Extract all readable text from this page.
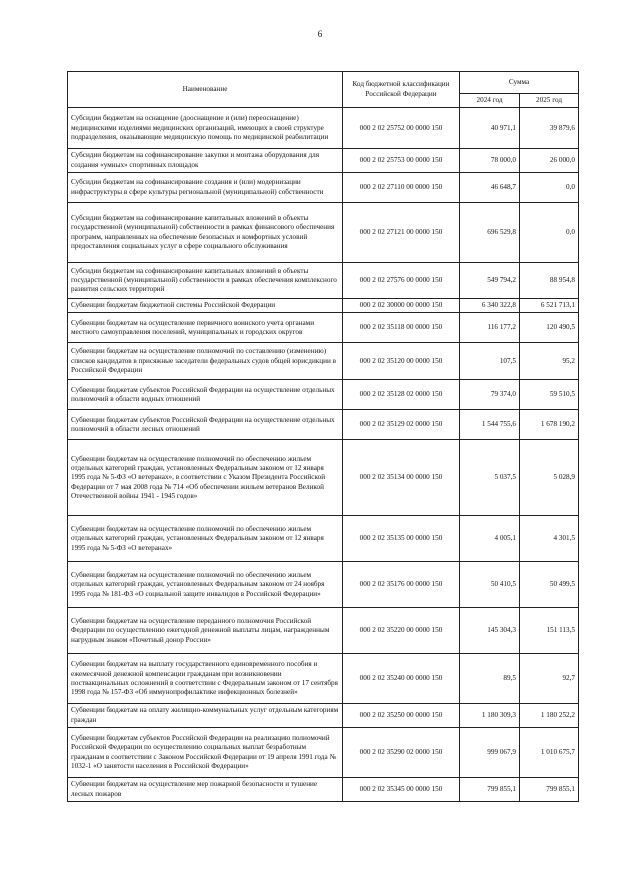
6
Наименование	Код бюджетной классификации Российской Федерации	Сумма	
		2024 год	2025 год
Субсидии бюджетам на оснащение (дооснащение и (или) переоснащение) медицинскими изделиями медицинских организаций, имеющих в своей структуре подразделения, оказывающие медицинскую помощь по медицинской реабилитации	000 2 02 25752 00 0000 150	40 971,1	39 879,6
Субсидии бюджетам на софинансирование закупки и монтажа оборудования для создания «умных» спортивных площадок	000 2 02 25753 00 0000 150	78 000,0	26 000,0
Субсидии бюджетам на софинансирование создания и (или) модернизации инфраструктуры в сфере культуры региональной (муниципальной) собственности	000 2 02 27110 00 0000 150	46 648,7	0,0
Субсидии бюджетам на софинансирование капитальных вложений в объекты государственной (муниципальной) собственности в рамках финансового обеспечения программ, направленных на обеспечение безопасных и комфортных условий предоставления социальных услуг в сфере социального обслуживания	000 2 02 27121 00 0000 150	696 529,8	0,0
Субсидии бюджетам на софинансирование капитальных вложений в объекты государственной (муниципальной) собственности в рамках обеспечения комплексного развития сельских территорий	000 2 02 27576 00 0000 150	549 794,2	88 954,8
Субвенции бюджетам бюджетной системы Российской Федерации	000 2 02 30000 00 0000 150	6 340 322,8	6 521 713,1
Субвенции бюджетам на осуществление первичного воинского учета органами местного самоуправления поселений, муниципальных и городских округов	000 2 02 35118 00 0000 150	116 177,2	120 490,5
Субвенции бюджетам на осуществление полномочий по составлению (изменению) списков кандидатов в присяжные заседатели федеральных судов общей юрисдикции в Российской Федерации	000 2 02 35120 00 0000 150	107,5	95,2
Субвенции бюджетам субъектов Российской Федерации на осуществление отдельных полномочий в области водных отношений	000 2 02 35128 02 0000 150	79 374,0	59 510,5
Субвенции бюджетам субъектов Российской Федерации на осуществление отдельных полномочий в области лесных отношений	000 2 02 35129 02 0000 150	1 544 755,6	1 678 190,2
Субвенции бюджетам на осуществление полномочий по обеспечению жильем отдельных категорий граждан, установленных Федеральным законом от 12 января 1995 года № 5-ФЗ «О ветеранах», в соответствии с Указом Президента Российской Федерации от 7 мая 2008 года № 714 «Об обеспечении жильем ветеранов Великой Отечественной войны 1941 - 1945 годов»	000 2 02 35134 00 0000 150	5 037,5	5 028,9
Субвенции бюджетам на осуществление полномочий по обеспечению жильем отдельных категорий граждан, установленных Федеральным законом от 12 января 1995 года № 5-ФЗ «О ветеранах»	000 2 02 35135 00 0000 150	4 005,1	4 301,5
Субвенции бюджетам на осуществление полномочий по обеспечению жильем отдельных категорий граждан, установленных Федеральным законом от 24 ноября 1995 года № 181-ФЗ «О социальной защите инвалидов в Российской Федерации»	000 2 02 35176 00 0000 150	50 410,5	50 499,5
Субвенции бюджетам на осуществление переданного полномочия Российской Федерации по осуществлению ежегодной денежной выплаты лицам, награжденным нагрудным знаком «Почетный донор России»	000 2 02 35220 00 0000 150	145 304,3	151 113,5
Субвенции бюджетам на выплату государственного единовременного пособия и ежемесячной денежной компенсации гражданам при возникновении поствакцинальных осложнений в соответствии с Федеральным законом от 17 сентября 1998 года № 157-ФЗ «Об иммунопрофилактике инфекционных болезней»	000 2 02 35240 00 0000 150	89,5	92,7
Субвенции бюджетам на оплату жилищно-коммунальных услуг отдельным категориям граждан	000 2 02 35250 00 0000 150	1 180 309,3	1 180 252,2
Субвенции бюджетам субъектов Российской Федерации на реализацию полномочий Российской Федерации по осуществлению социальных выплат безработным гражданам в соответствии с Законом Российской Федерации от 19 апреля 1991 года № 1032-1 «О занятости населения в Российской Федерации»	000 2 02 35290 02 0000 150	999 067,9	1 010 675,7
Субвенции бюджетам на осуществление мер пожарной безопасности и тушение лесных пожаров	000 2 02 35345 00 0000 150	799 855,1	799 855,1
